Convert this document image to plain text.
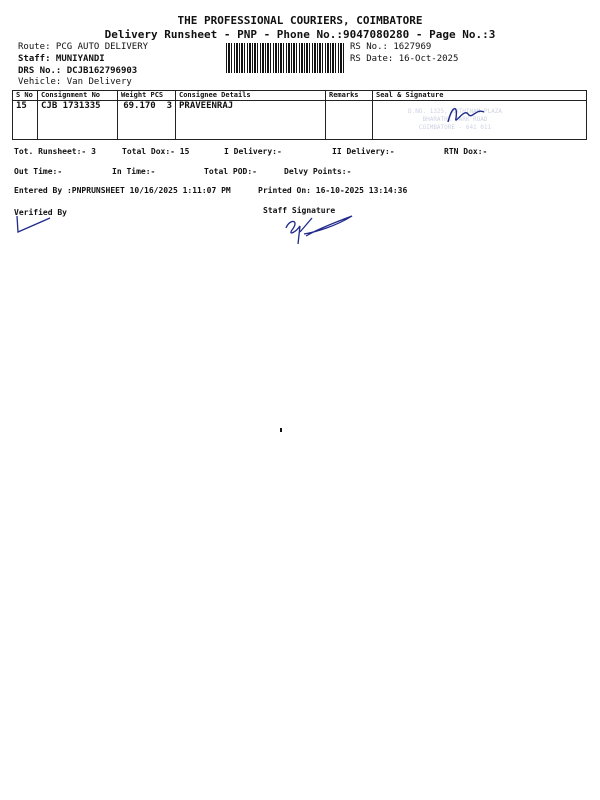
THE PROFESSIONAL COURIERS, COIMBATORE
Delivery Runsheet - PNP - Phone No.:9047080280 - Page No.:3
Route: PCG AUTO DELIVERY
Staff: MUNIYANDI
DRS No.: DCJB162796903
Vehicle: Van Delivery
RS No.: 1627969
RS Date: 16-Oct-2025
S No	Consignment No	Weight PCS	Consignee Details	Remarks	Seal & Signature
15	CJB 1731335	69.170 3	PRAVEENRAJ		
D.NO. 1325, RATHINAM PLAZA
BHARATHI PARK ROAD
COIMBATORE - 641 011
Tot. Runsheet:- 3	Total Dox:- 15	I Delivery:-	II Delivery:-	RTN Dox:-
Out Time:-	In Time:-	Total POD:-	Delvy Points:-
Entered By :PNPRUNSHEET 10/16/2025 1:11:07 PM	Printed On: 16-10-2025 13:14:36
Verified By	Staff Signature
